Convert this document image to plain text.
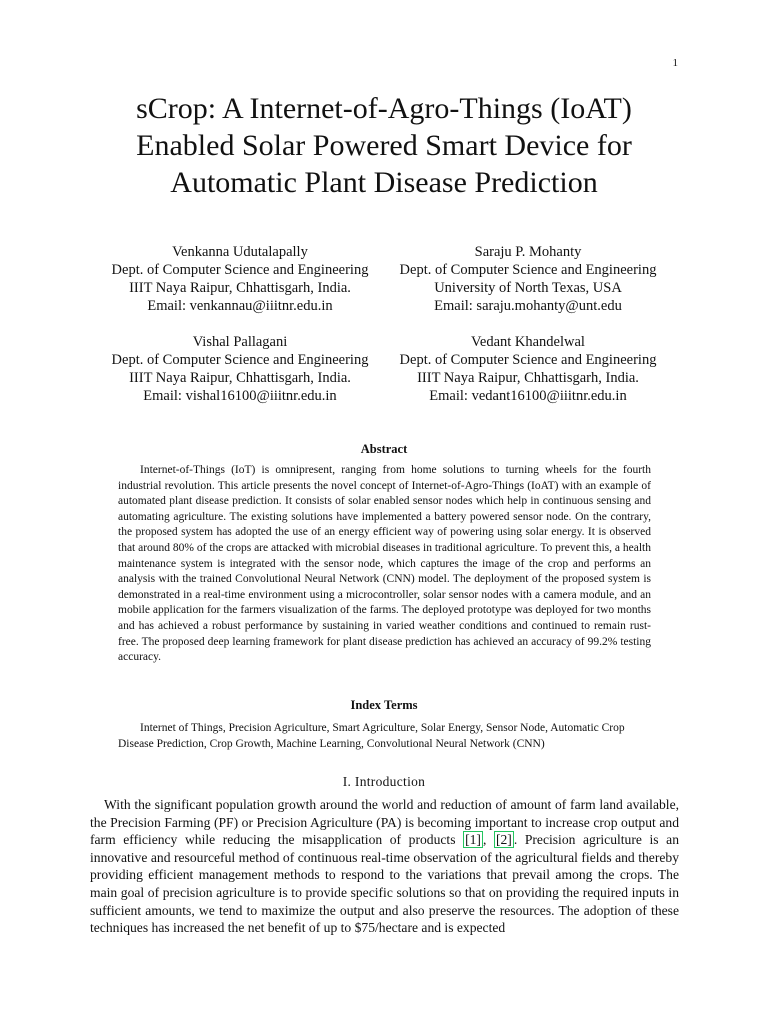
1
sCrop: A Internet-of-Agro-Things (IoAT)
Enabled Solar Powered Smart Device for
Automatic Plant Disease Prediction
Venkanna Udutalapally
Dept. of Computer Science and Engineering
IIIT Naya Raipur, Chhattisgarh, India.
Email: venkannau@iiitnr.edu.in
Saraju P. Mohanty
Dept. of Computer Science and Engineering
University of North Texas, USA
Email: saraju.mohanty@unt.edu
Vishal Pallagani
Dept. of Computer Science and Engineering
IIIT Naya Raipur, Chhattisgarh, India.
Email: vishal16100@iiitnr.edu.in
Vedant Khandelwal
Dept. of Computer Science and Engineering
IIIT Naya Raipur, Chhattisgarh, India.
Email: vedant16100@iiitnr.edu.in
Abstract

Internet-of-Things (IoT) is omnipresent, ranging from home solutions to turning wheels for the fourth industrial revolution. This article presents the novel concept of Internet-of-Agro-Things (IoAT) with an example of automated plant disease prediction. It consists of solar enabled sensor nodes which help in continuous sensing and automating agriculture. The existing solutions have implemented a battery powered sensor node. On the contrary, the proposed system has adopted the use of an energy efficient way of powering using solar energy. It is observed that around 80% of the crops are attacked with microbial diseases in traditional agriculture. To prevent this, a health maintenance system is integrated with the sensor node, which captures the image of the crop and performs an analysis with the trained Convolutional Neural Network (CNN) model. The deployment of the proposed system is demonstrated in a real-time environment using a microcontroller, solar sensor nodes with a camera module, and an mobile application for the farmers visualization of the farms. The deployed prototype was deployed for two months and has achieved a robust performance by sustaining in varied weather conditions and continued to remain rust-free. The proposed deep learning framework for plant disease prediction has achieved an accuracy of 99.2% testing accuracy.

Index Terms

Internet of Things, Precision Agriculture, Smart Agriculture, Solar Energy, Sensor Node, Automatic Crop Disease Prediction, Crop Growth, Machine Learning, Convolutional Neural Network (CNN)

I. Introduction

With the significant population growth around the world and reduction of amount of farm land available, the Precision Farming (PF) or Precision Agriculture (PA) is becoming important to increase crop output and farm efficiency while reducing the misapplication of products [1] , [2] . Precision agriculture is an innovative and resourceful method of continuous real-time observation of the agricultural fields and thereby providing efficient management methods to respond to the variations that prevail among the crops. The main goal of precision agriculture is to provide specific solutions so that on providing the required inputs in sufficient amounts, we tend to maximize the output and also preserve the resources. The adoption of these techniques has increased the net benefit of up to $75/hectare and is expected
